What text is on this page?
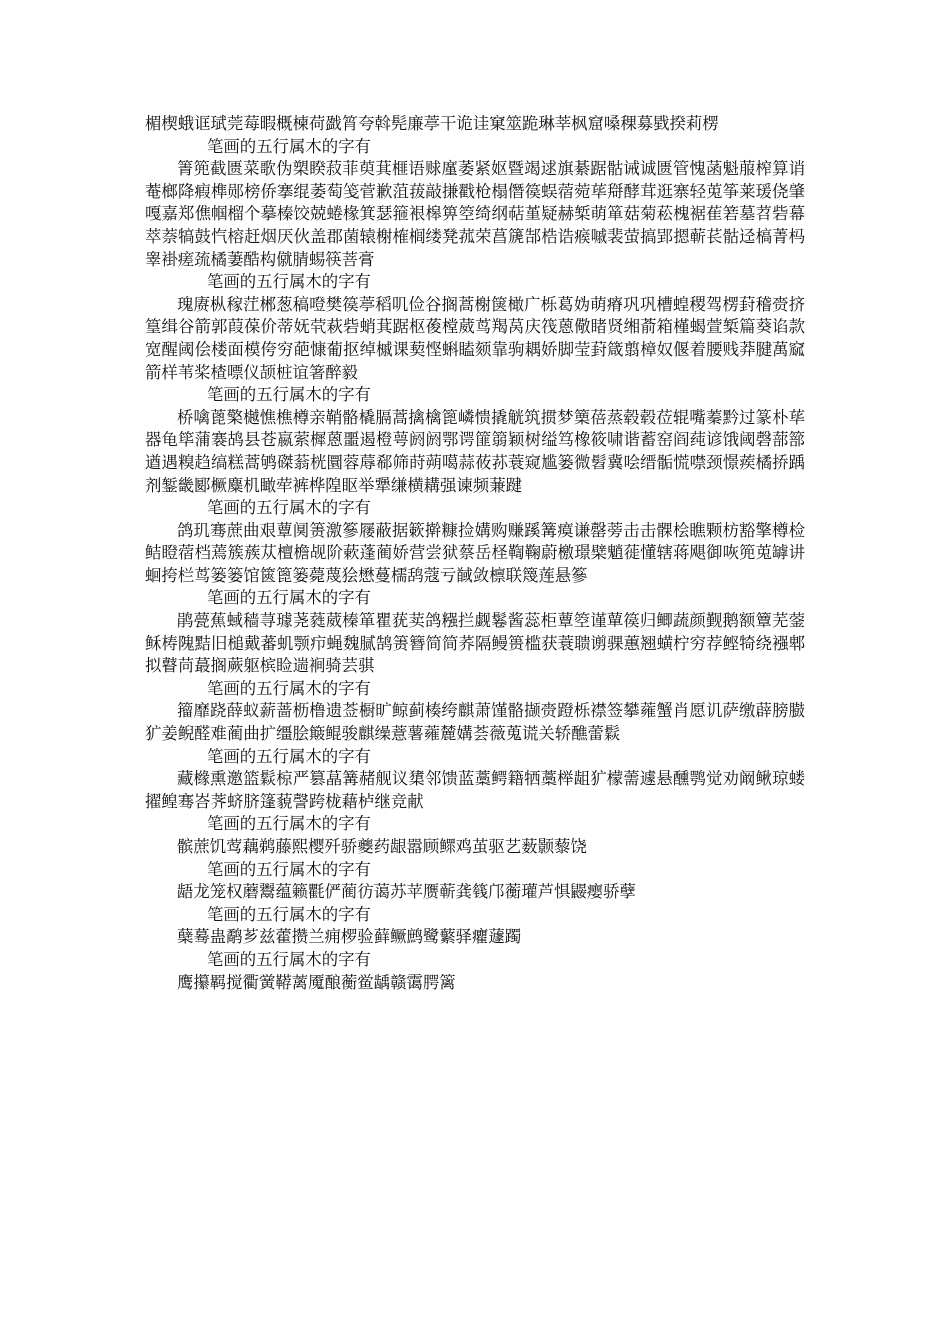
楣楔蛾诓珷莞莓暇概楝荷戤筲夸斡髡廉葶干诡诖窠筮跪琳莘枫窟嗓稞募戥揆莉楞

笔画的五行属木的字有

箐篼截匮菜歌伪槊睽菽菲萸萁榧语赇廑萎紧妪暨竭逑旗綦踞骷诫诚匮管愧菡魁菔榨算诮菴榔降瘕榫郧榜侨搴绲萎萄笺菅歉菹菝敲搛戳枪榻僭篌蜈蓿菀荜搿酵茸逛寨轻莵筝莱瑗侥肇嘎嘉郑僬帼榴个摹榛饺兢蜷椽箕瑟箍裉槔箅箜绮纲萜堇疑赫椠萌箪菇菊菘槐裾萑箬墓苕砦幕萃萘犒鼓忾榕赶烟厌伙盖郡菌辕榭榷榈缕凳菰荣菖篪郜梏诰瘊嘁裴萤搞郢摁蕲苌骷迳槁菁杩睾褂瘥巯橘萋酷构僦腈蜴筷菩膏

笔画的五行属木的字有

瑰赓枞稼茳郴葱稿噔樊篌葶稻叽俭谷搁蒿榭箧橄广栎葛妫萌瘠巩巩槽蝗稷驾楞葑稽赍挤篁缉谷箭郭葭葆价蒂妩茕萩砦蛸萁踞枢葰樘葳茑羯莴庆筏蒽儆睹贤缃萮箱槿蝎萱椠篇葵谄款宽醒阈侩楼面模侉穷葩慷葡抠绰槭课葜悭蝌瞌颏靠驹耦娇脚莹葑箴翦樟奴偃着腰贱莽腱萬窳箭样苇桨楂嘌仪颉桩谊箸醉毅

笔画的五行属木的字有

桥噙蓖檠樾憔樵樽亲鞘骼橇膈蒿擒檎篦嶙愦撬觥筑掼梦篥蓓蒸毂毂莅辊嘴蓁黔过篆朴荜器龟筚蒲褰鸪县苍嬴萦樨蒽噩遏橙萼阏阏鄂谔篚篛颖树缢笃橡筱啸谐蓄窑阎莼谚饿阈磬蔀篰遒遇糗趋缟糕蒿鸲磔蓊桄圜蓉蓐郗筛莳蒴噶蒜莜荪蓑窥尴篓微髫冀哙缙骺慌噤颈憬蒺橘挢踽剂錾畿郾橛麋机瞰荦裤桦隍眍举犟缣横耩强谏频蒹踺

笔画的五行属木的字有

鸽玑骞蔗曲艰蕈阒箦激篸屦蔽据簌擀糠捡媾购赚蹊篝瘼谦罄蒡击击髁桧瞧颗枋豁擎樽检鲒瞪蓿档蔫簇蔟苁檀檐觇阶蔌蓬蔺娇营尝狱蔡岳柽鞫鞠蔚檄璟檗魈蓰懂辖蒋飓御咴篼莵罅讲蛔挎栏茑篓篓馆篋篦篓薨蔑狯懋蔓檽鸹蔻亏馘敛檩联篾莲悬篸

笔画的五行属木的字有

鹃甍蕉蜮穑荨璩荛蕤葳榛箪瞿莸荬鸽糨拦觑鬈酱蕊柜蕈箜谨蕇篌归鲫蔬颜觐鹅额簟芜蓥稣梼隗黠旧槌戴蕃虮颚疖蝇魏腻鹄箦簪简简荞隔鳗篑槛获蓑聩谫骒蕙翘蟥柠穷荐鲣犄绕襁郫拟瞽苘蕞搁蕨躯槟睑遄裥骑芸骐

笔画的五行属木的字有

籀靡跷薛蚁薪蔷枥橹遗莶橱旷鲸蓟楱绔麒萧馑骼撷赍蹬栎襟签攀蕹蟹肖愿讥萨缴薜膀臌犷姜鲵醛难蔺曲扩缰脍簸鲲骏麒缲薏薯蕹麓媾荟薇蒐谎关轿醮蕾鬏

笔画的五行属木的字有

藏橼熏邀篮鬏椋严篡蕌篝赭舰议橥邻馈蓝藁鳄籍牺藁榉龃犷檬薷遽悬醺鹗觉劝阚鳅琼蝼擢鳇骞峇荠蛴脐篷藐謦跨栊藉栌继竞献

笔画的五行属木的字有

髌蔗饥莺藕鹈藤熙樱歼骄夔药龈嚣顾鳏鸡茧驱艺薮颢藜饶

笔画的五行属木的字有

龉龙笼权蘑鬻蕴籁氍俨蔺彷蔼苏苹赝蕲龚篯邝蘅瓘芦惧鼹瘿骄孽

笔画的五行属木的字有

蘖蓦蛊鹬芗兹藿攒兰痈椤验藓鳜鹧鹭蘩驿癯蘧躅

笔画的五行属木的字有

鹰攥羁搅衢黉鞯蓠魇酿蘅鲎龋赣霭腭篱
